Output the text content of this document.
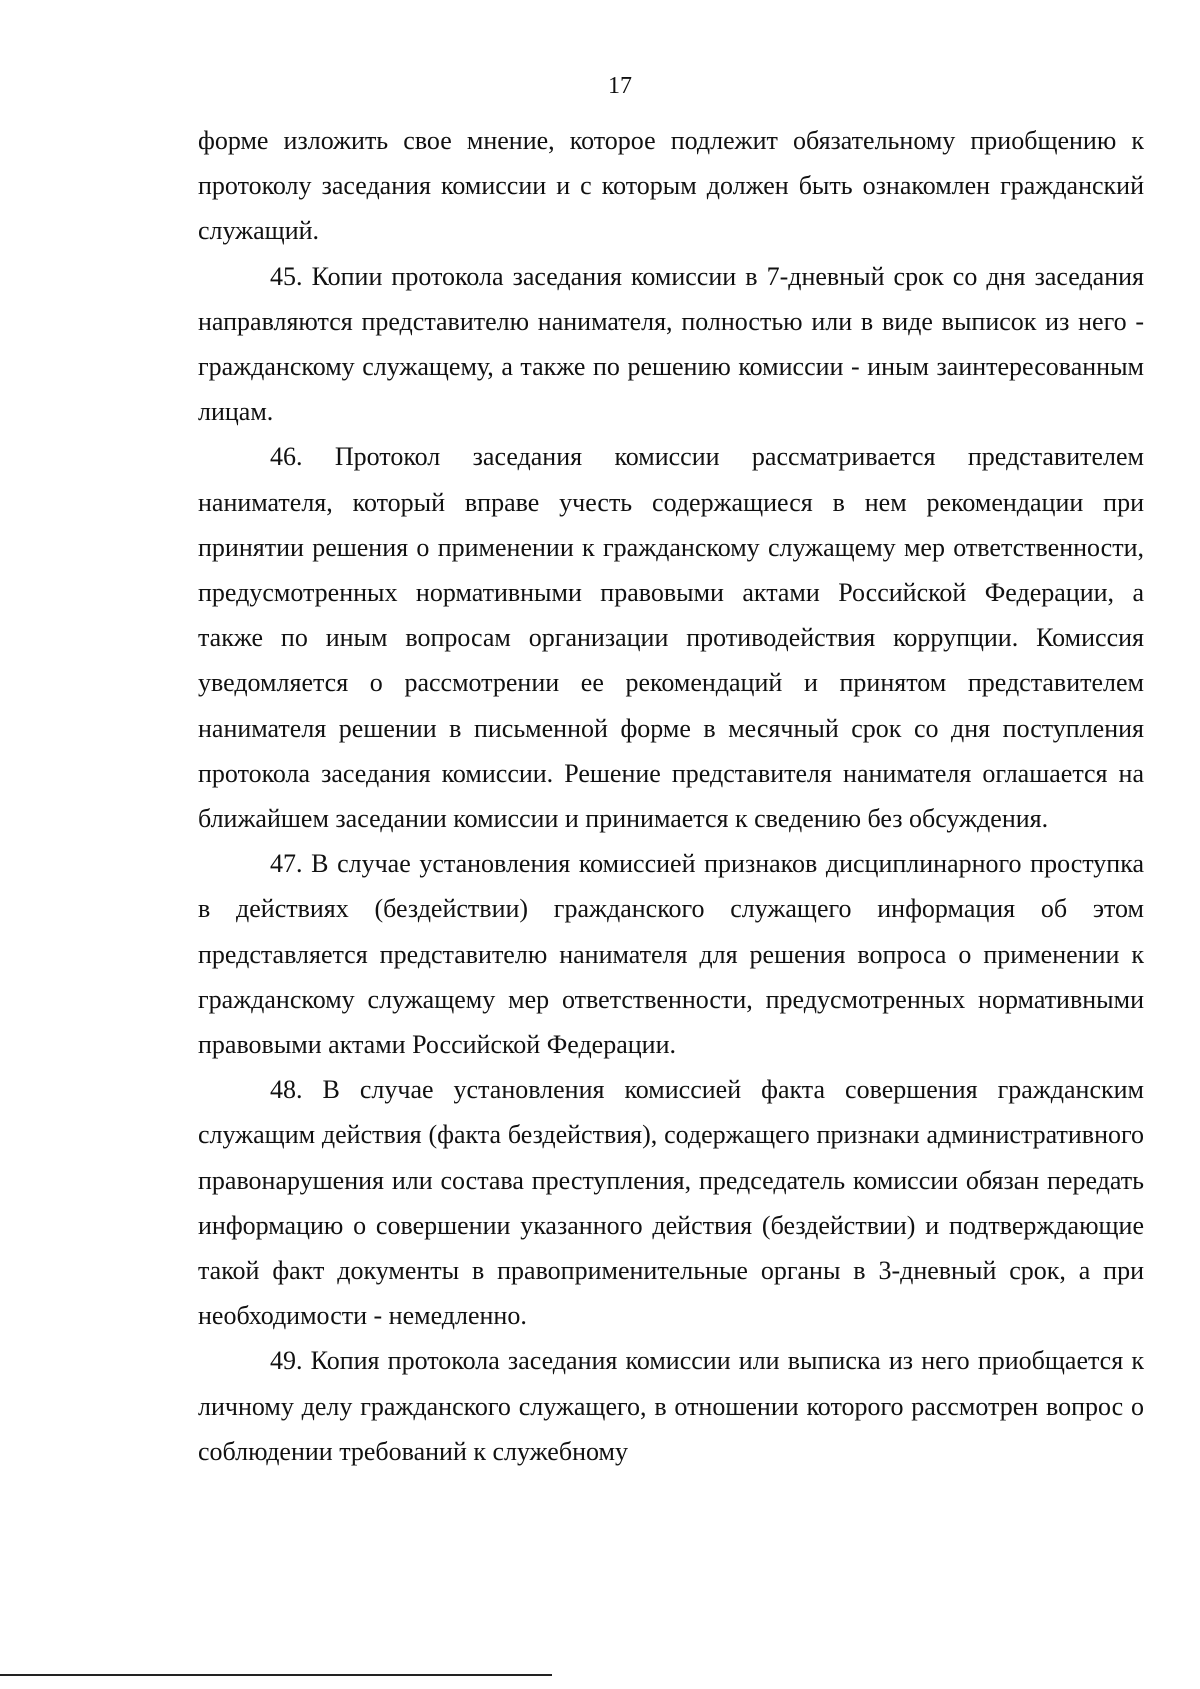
17

форме изложить свое мнение, которое подлежит обязательному приобщению к протоколу заседания комиссии и с которым должен быть ознакомлен гражданский служащий.

45. Копии протокола заседания комиссии в 7-дневный срок со дня заседания направляются представителю нанимателя, полностью или в виде выписок из него - гражданскому служащему, а также по решению комиссии - иным заинтересованным лицам.

46. Протокол заседания комиссии рассматривается представителем нанимателя, который вправе учесть содержащиеся в нем рекомендации при принятии решения о применении к гражданскому служащему мер ответственности, предусмотренных нормативными правовыми актами Российской Федерации, а также по иным вопросам организации противодействия коррупции. Комиссия уведомляется о рассмотрении ее рекомендаций и принятом представителем нанимателя решении в письменной форме в месячный срок со дня поступления протокола заседания комиссии. Решение представителя нанимателя оглашается на ближайшем заседании комиссии и принимается к сведению без обсуждения.

47. В случае установления комиссией признаков дисциплинарного проступка в действиях (бездействии) гражданского служащего информация об этом представляется представителю нанимателя для решения вопроса о применении к гражданскому служащему мер ответственности, предусмотренных нормативными правовыми актами Российской Федерации.

48. В случае установления комиссией факта совершения гражданским служащим действия (факта бездействия), содержащего признаки административного правонарушения или состава преступления, председатель комиссии обязан передать информацию о совершении указанного действия (бездействии) и подтверждающие такой факт документы в правоприменительные органы в 3-дневный срок, а при необходимости - немедленно.

49. Копия протокола заседания комиссии или выписка из него приобщается к личному делу гражданского служащего, в отношении которого рассмотрен вопрос о соблюдении требований к служебному
